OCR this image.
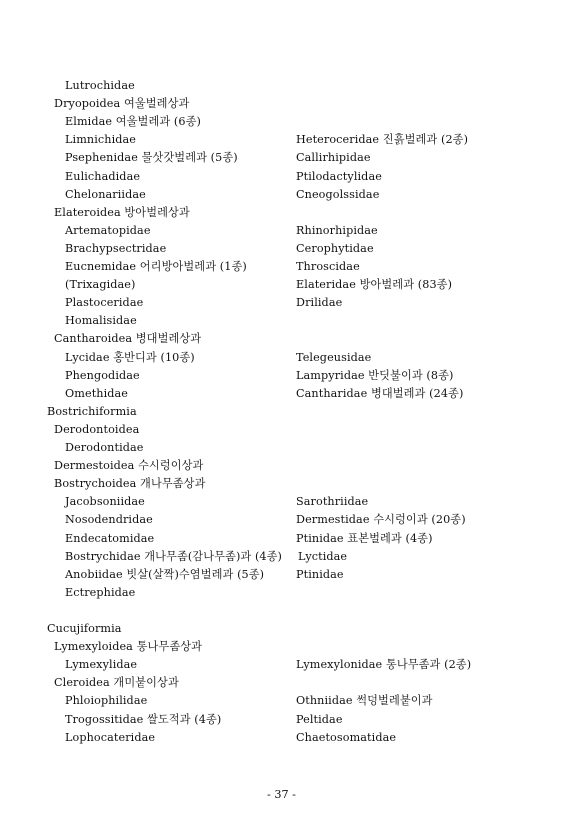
Lutrochidae
Dryopoidea 여울벌레상과
Elmidae 여울벌레과 (6종)
Limnichidae	Heteroceridae 진흙벌레과 (2종)
Psephenidae 물삿갓벌레과 (5종)	Callirhipidae
Eulichadidae	Ptilodactylidae
Chelonariidae	Cneogolssidae
Elateroidea 방아벌레상과
Artematopidae	Rhinorhipidae
Brachypsectridae	Cerophytidae
Eucnemidae 어리방아벌레과 (1종)	Throscidae
(Trixagidae)	Elateridae 방아벌레과 (83종)
Plastoceridae	Drilidae
Homalisidae
Cantharoidea 병대벌레상과
Lycidae 홍반디과 (10종)	Telegeusidae
Phengodidae	Lampyridae 반딧불이과 (8종)
Omethidae	Cantharidae 병대벌레과 (24종)
Bostrichiformia
Derodontoidea
Derodontidae
Dermestoidea 수시렁이상과
Bostrychoidea 개나무좀상과
Jacobsoniidae	Sarothriidae
Nosodendridae	Dermestidae 수시렁이과 (20종)
Endecatomidae	Ptinidae 표본벌레과 (4종)
Bostrychidae 개나무좀(감나무좀)과 (4종) Lyctidae
Anobiidae 빗살(살짝)수염벌레과 (5종)	Ptinidae
Ectrephidae
Cucujiformia
Lymexyloidea 통나무좀상과
Lymexylidae	Lymexylonidae 통나무좀과 (2종)
Cleroidea 개미붙이상과
Phloiophilidae	Othniidae 썩덩벌레붙이과
Trogossitidae 쌀도적과 (4종)	Peltidae
Lophocateridae	Chaetosomatidae
- 37 -
